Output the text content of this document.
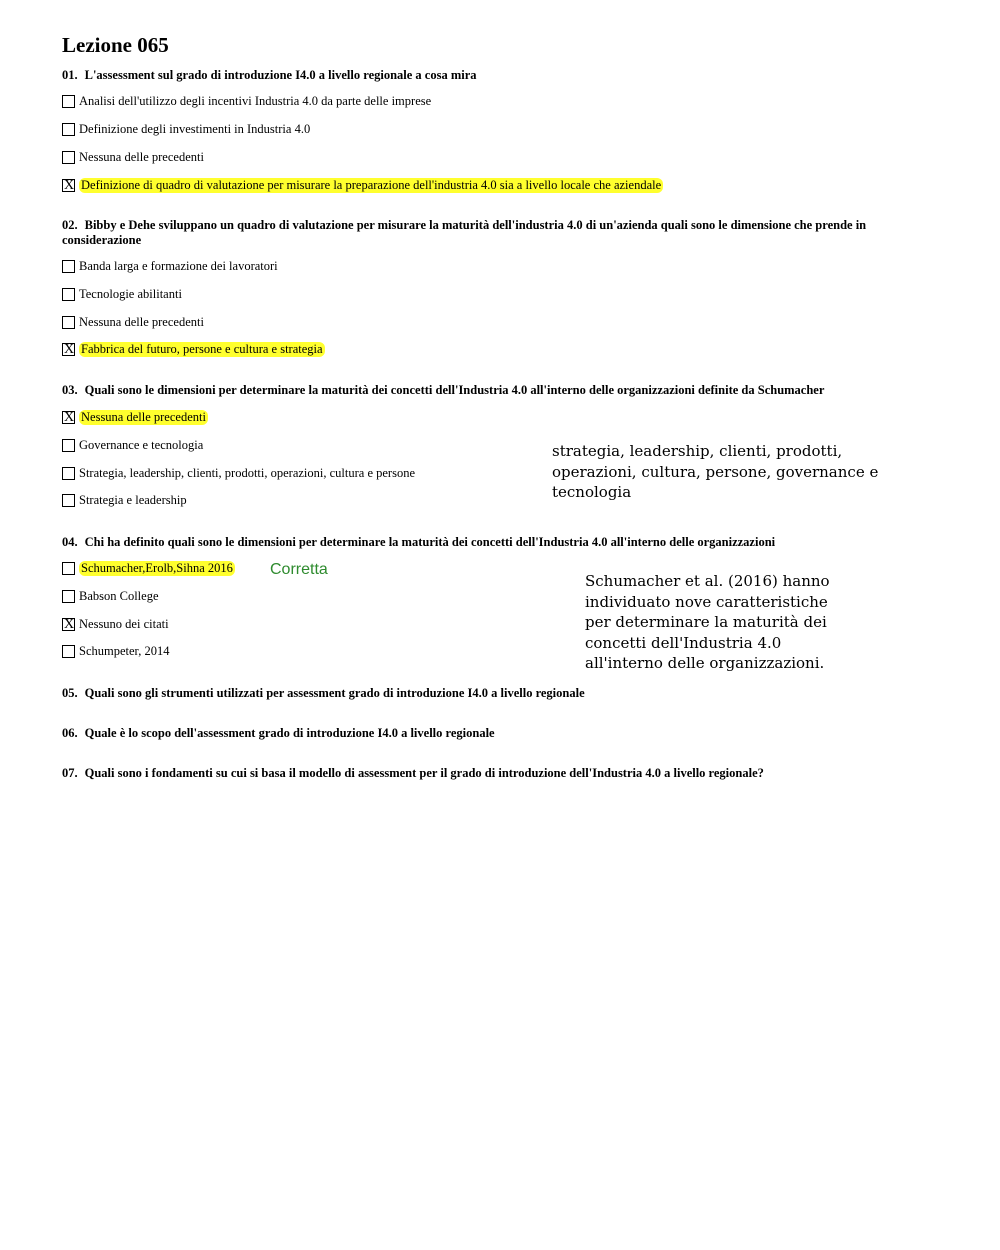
Lezione 065
01. L'assessment sul grado di introduzione I4.0 a livello regionale a cosa mira
Analisi dell'utilizzo degli incentivi Industria 4.0 da parte delle imprese
Definizione degli investimenti in Industria 4.0
Nessuna delle precedenti
X Definizione di quadro di valutazione per misurare la preparazione dell'industria 4.0 sia a livello locale che aziendale
02. Bibby e Dehe sviluppano un quadro di valutazione per misurare la maturità dell'industria 4.0 di un'azienda quali sono le dimensione che prende in considerazione
Banda larga e formazione dei lavoratori
Tecnologie abilitanti
Nessuna delle precedenti
X Fabbrica del futuro, persone e cultura e strategia
03. Quali sono le dimensioni per determinare la maturità dei concetti dell'Industria 4.0 all'interno delle organizzazioni definite da Schumacher
X Nessuna delle precedenti
Governance e tecnologia
Strategia, leadership, clienti, prodotti, operazioni, cultura e persone
Strategia e leadership
strategia, leadership, clienti, prodotti, operazioni, cultura, persone, governance e tecnologia
04. Chi ha definito quali sono le dimensioni per determinare la maturità dei concetti dell'Industria 4.0 all'interno delle organizzazioni
Schumacher,Erolb,Sihna 2016 Corretta
Babson College
X Nessuno dei citati
Schumpeter, 2014
Schumacher et al. (2016) hanno individuato nove caratteristiche per determinare la maturità dei concetti dell'Industria 4.0 all'interno delle organizzazioni.
05. Quali sono gli strumenti utilizzati per assessment grado di introduzione I4.0 a livello regionale
06. Quale è lo scopo dell'assessment grado di introduzione I4.0 a livello regionale
07. Quali sono i fondamenti su cui si basa il modello di assessment per il grado di introduzione dell'Industria 4.0 a livello regionale?
